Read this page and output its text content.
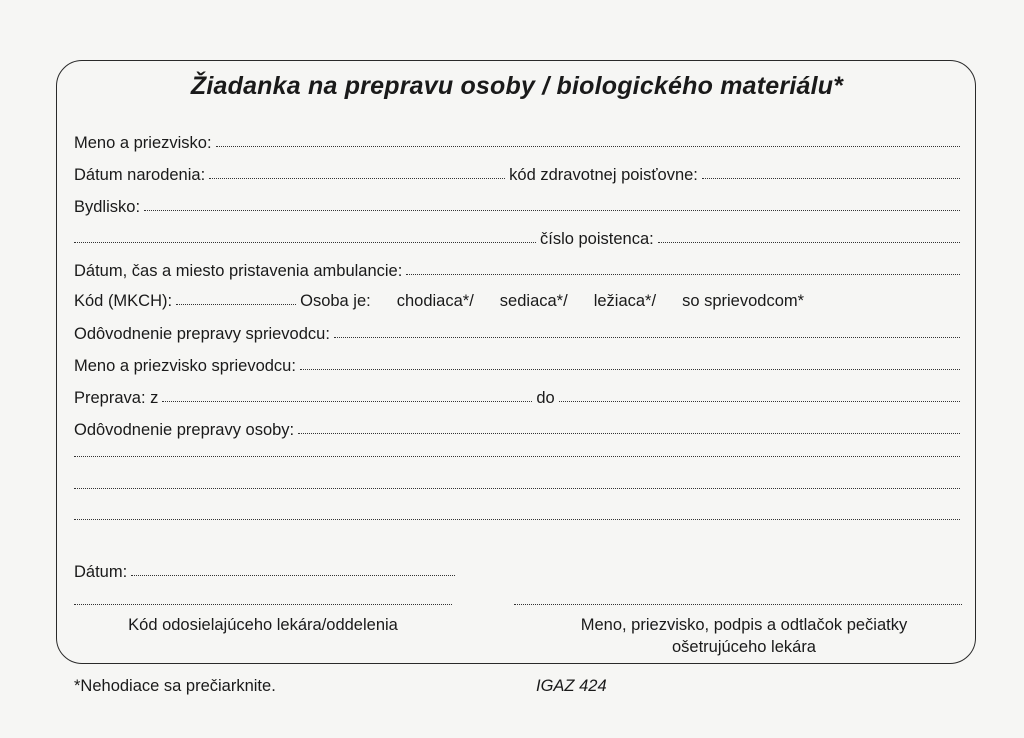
Žiadanka na prepravu osoby / biologického materiálu*
Meno a priezvisko:
Dátum narodenia:	kód zdravotnej poisťovne:
Bydlisko:
číslo poistenca:
Dátum, čas a miesto pristavenia ambulancie:
Kód (MKCH):	Osoba je: chodiaca*/ sediaca*/ ležiaca*/ so sprievodcom*
Odôvodnenie prepravy sprievodcu:
Meno a priezvisko sprievodcu:
Preprava: z	do
Odôvodnenie prepravy osoby:
Dátum:
Kód odosielajúceho lekára/oddelenia	Meno, priezvisko, podpis a odtlačok pečiatky
ošetrujúceho lekára
*Nehodiace sa prečiarknite.	IGAZ 424
